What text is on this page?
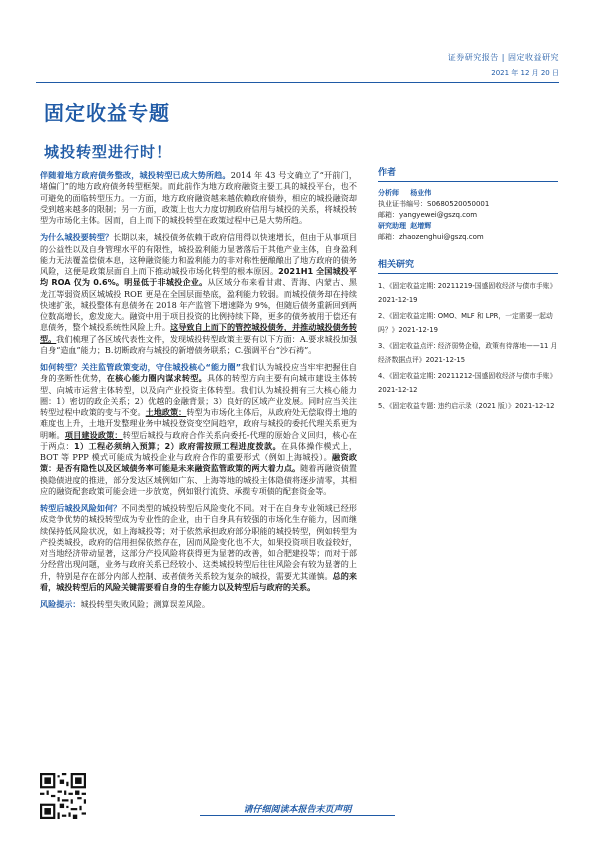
证券研究报告 | 固定收益研究
2021 年 12 月 20 日
固定收益专题
城投转型进行时！

伴随着地方政府债务整改，城投转型已成大势所趋。2014 年 43 号文确立了“开前门，堵偏门”的地方政府债务转型框架。而此前作为地方政府融资主要工具的城投平台，也不可避免的面临转型压力。一方面，地方政府融资越来越依赖政府债券，相应的城投融资却受到越来越多的限制；另一方面，政策上也大力度切割政府信用与城投的关系，将城投转型为市场化主体。因而，自上而下的城投转型在政策过程中已是大势所趋。

为什么城投要转型？长期以来，城投债务依赖于政府信用得以快速增长，但由于从事项目的公益性以及自身管理水平的有限性，城投盈利能力显著落后于其他产业主体，自身盈利能力无法覆盖偿债本息，这种融资能力和盈利能力的非对称性便酿酿出了地方政府的债务风险，这便是政策层面自上而下推动城投市场化转型的根本原因。2021H1 全国城投平均 ROA 仅为 0.6%。明显低于非城投企业。从区域分布来看甘肃、青海、内蒙古、黑龙江等弱资质区城城投 ROE 更是在全国层面垫底，盈利能力较弱。而城投债务却在持续快速扩张，城投整体有息债务在 2018 年产监管下增速降为 9%，但随后债务重新回到两位数高增长，愈发庞大。融资中用于项目投资的比例持续下降，更多的债务被用于偿还有息债务，整个城投系统性风险上升。这导致自上而下的管控城投债务，并推动城投债务转型。我们梳理了各区域代表性文件，发现城投转型政策主要有以下方面：A.要求城投加强自身“造血”能力；B.切断政府与城投的新增债务联系；C.强调平台“沙石祷”。

如何转型？关注监管政策变动，守住城投核心“能力圈”我们认为城投应当牢牢把握住自身的垄断性优势，在核心能力圈内谋求转型。具体的转型方向主要有向城市建设主体转型、向城市运营主体转型，以及向产业投资主体转型。我们认为城投拥有三大核心能力圈：1）密切的政企关系；2）优越的金融背景；3）良好的区域产业发展。同时应当关注转型过程中政策的变与不变。土地政策：转型为市场化主体后，从政府处无偿取得土地的难度也上升，土地开发整理业务中城投登资变空间趋窄，政府与城投的委托代理关系更为明晰。项目建设政策：转型后城投与政府合作关系向委托-代理的原始合义回归，核心在于两点：1）工程必须纳入预算；2）政府需按照工程进度拨款。在具体操作模式上，BOT 等 PPP 模式可能成为城投企业与政府合作的重要形式（例如上海城投）。融资政策：是否有隐性以及区域债务率可能是未来融资监管政策的两大着力点。随着再融资债置换隐债进度的推进，部分发达区域例如广东、上海等地的城投主体隐债将逐步清零，其相应的融资配套政策可能会进一步放宽，例如银行流贷、承揽专项债的配套资金等。

转型后城投风险如何？不同类型的城投转型后风险变化不同。对于在自身专业领域已经形成竞争优势的城投转型成为专业性的企业，由于自身具有较强的市场化生存能力，因而继续保持低风险状况，如上海城投等；对于依然承担政府部分职能的城投转型，例如转型为产投类城投，政府的信用担保依然存在，因而风险变化也不大，如果投资项目收益较好，对当地经济带动显著，这部分产投风险将获得更为显著的改善，如合肥建投等；而对于部分经营出现问题，业务与政府关系已经较小、这类城投转型后往往风险会有较为显著的上升，特别是存在部分内部人控制、或者债务关系较为复杂的城投，需要尤其谨慎。总的来看，城投转型后的风险关键需要看自身的生存能力以及转型后与政府的关系。

风险提示：城投转型失败风险；测算误差风险。

作者
分析师 杨业伟
执业证书编号：S0680520050001
邮箱：yangyewei@gszq.com
研究助理 赵增辉
邮箱：zhaozenghui@gszq.com
相关研究
1、《固定收益定期: 20211219-国盛固收经济与债市手账》2021-12-19
2、《固定收益定期: OMO、MLF 和 LPR，一定需要一起动吗？》2021-12-19
3、《固定收益点评: 经济弱势企稳，政策有待落地——11 月经济数据点评》2021-12-15
4、《固定收益定期: 20211212-国盛固收经济与债市手账》2021-12-12
5、《固定收益专题: 违约启示录（2021 版）》2021-12-12
请仔细阅读本报告末页声明
